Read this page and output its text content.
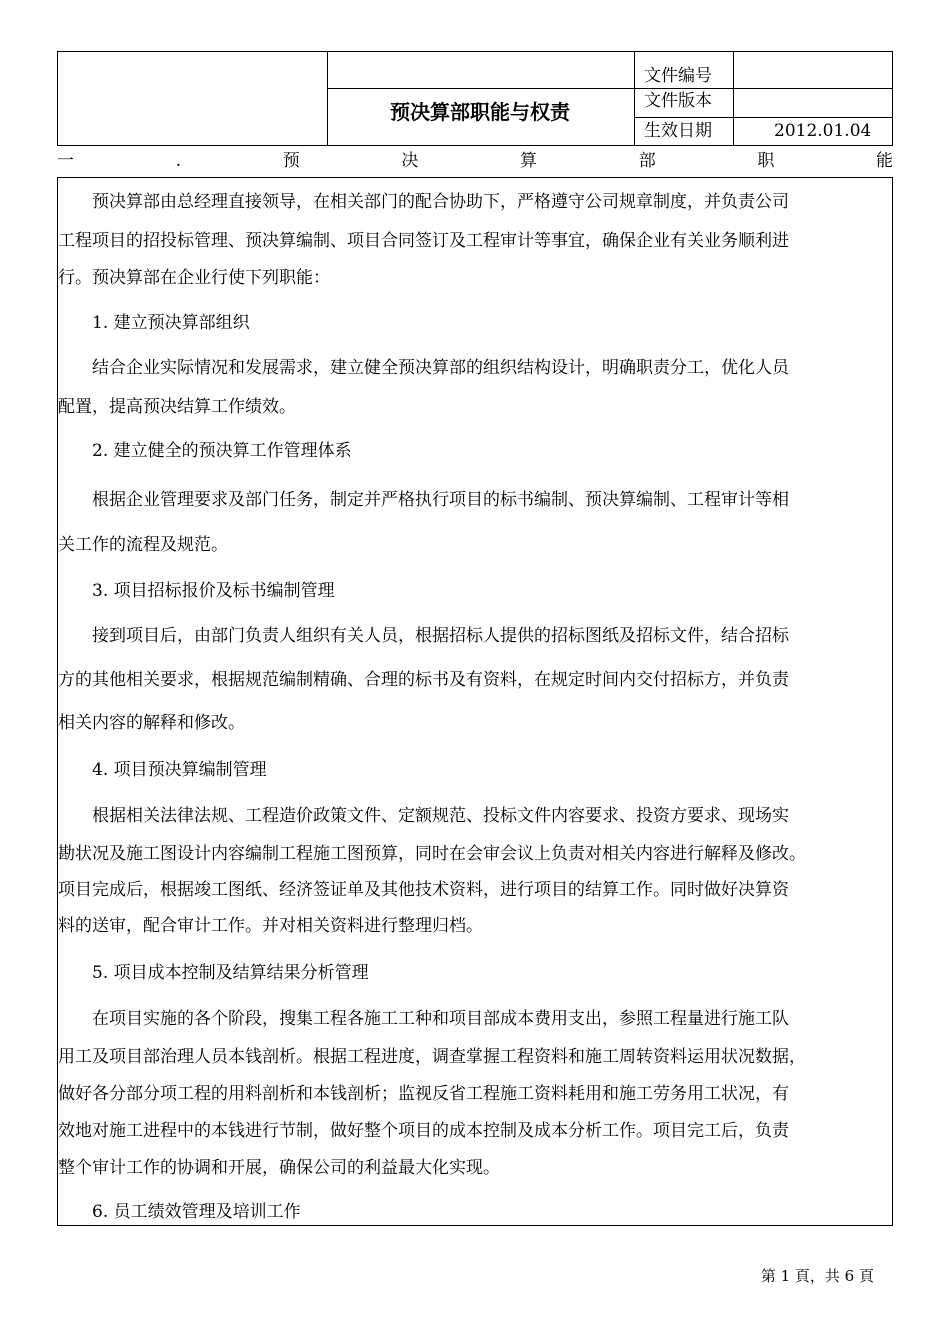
文件编号
文件版本
生效日期	2012.01.04
预决算部职能与权责
一	.	预	决	算	部	职	能
　　预决算部由总经理直接领导，在相关部门的配合协助下，严格遵守公司规章制度，并负责公司
工程项目的招投标管理、预决算编制、项目合同签订及工程审计等事宜，确保企业有关业务顺利进
行。预决算部在企业行使下列职能：
　　1. 建立预决算部组织
　　结合企业实际情况和发展需求，建立健全预决算部的组织结构设计，明确职责分工，优化人员
配置，提高预决结算工作绩效。
　　2. 建立健全的预决算工作管理体系
　　根据企业管理要求及部门任务，制定并严格执行项目的标书编制、预决算编制、工程审计等相
关工作的流程及规范。
　　3. 项目招标报价及标书编制管理
　　接到项目后，由部门负责人组织有关人员，根据招标人提供的招标图纸及招标文件，结合招标
方的其他相关要求，根据规范编制精确、合理的标书及有资料，在规定时间内交付招标方，并负责
相关内容的解释和修改。
　　4. 项目预决算编制管理
　　根据相关法律法规、工程造价政策文件、定额规范、投标文件内容要求、投资方要求、现场实
勘状况及施工图设计内容编制工程施工图预算，同时在会审会议上负责对相关内容进行解释及修改。
项目完成后，根据竣工图纸、经济签证单及其他技术资料，进行项目的结算工作。同时做好决算资
料的送审，配合审计工作。并对相关资料进行整理归档。
　　5. 项目成本控制及结算结果分析管理
　　在项目实施的各个阶段，搜集工程各施工工种和项目部成本费用支出，参照工程量进行施工队
用工及项目部治理人员本钱剖析。根据工程进度，调查掌握工程资料和施工周转资料运用状况数据，
做好各分部分项工程的用料剖析和本钱剖析；监视反省工程施工资料耗用和施工劳务用工状况，有
效地对施工进程中的本钱进行节制，做好整个项目的成本控制及成本分析工作。项目完工后，负责
整个审计工作的协调和开展，确保公司的利益最大化实现。
　　6. 员工绩效管理及培训工作
第 1 頁，共 6 頁
